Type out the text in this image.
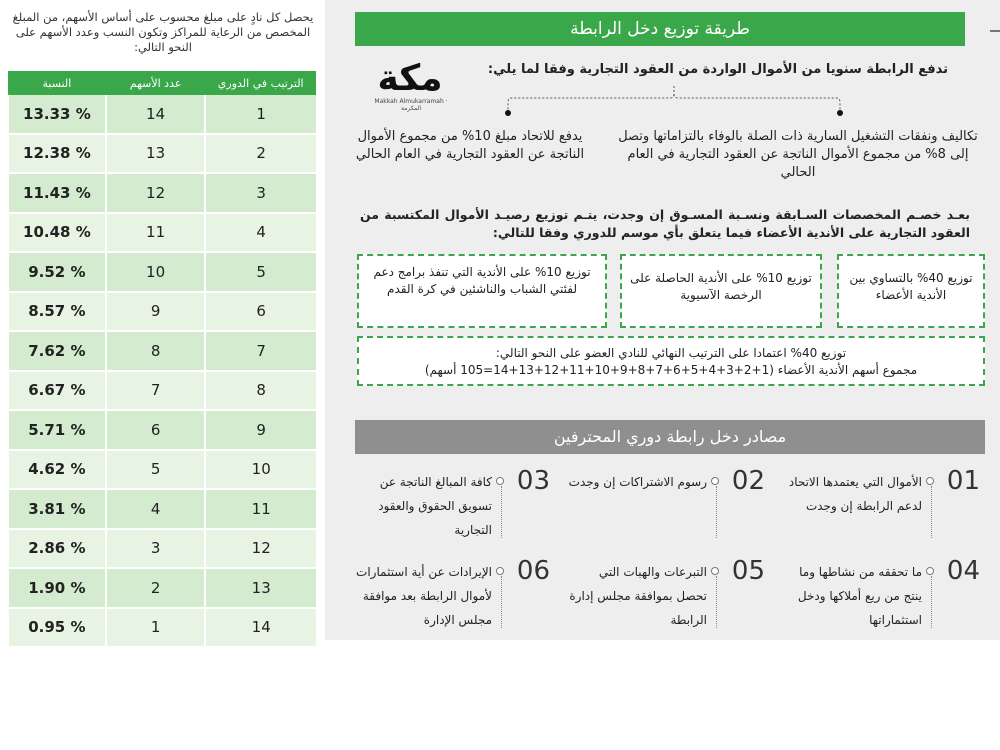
يحصل كل نادٍ على مبلغ محسوب على أساس الأسهم، من المبلغ المخصص من الرعاية للمراكز وتكون النسب وعدد الأسهم على النحو التالي:
الترتيب في الدوري	عدد الأسهم	النسبة
1	14	% 13.33
2	13	% 12.38
3	12	% 11.43
4	11	% 10.48
5	10	% 9.52
6	9	% 8.57
7	8	% 7.62
8	7	% 6.67
9	6	% 5.71
10	5	% 4.62
11	4	% 3.81
12	3	% 2.86
13	2	% 1.90
14	1	% 0.95
طريقة توزيع دخل الرابطة
مكة
Makkah Almukarramah · المكرمة
تدفع الرابطة سنويا من الأموال الواردة من العقود التجارية وفقا لما يلي:
تكاليف ونفقات التشغيل السارية ذات الصلة بالوفاء بالتزاماتها وتصل إلى 8% من مجموع الأموال الناتجة عن العقود التجارية في العام الحالي
يدفع للاتحاد مبلغ 10% من مجموع الأموال الناتجة عن العقود التجارية في العام الحالي
بعـد خصـم المخصصات السـابقة ونسـبة المسـوق إن وجدت، يتـم توزيع رصيـد الأموال المكتسبة من العقود التجارية على الأندية الأعضاء فيما يتعلق بأي موسم للدوري وفقا للتالي:
توزيع 40% بالتساوي بين الأندية الأعضاء
توزيع 10% على الأندية الحاصلة على الرخصة الآسيوية
توزيع 10% على الأندية التي تنفذ برامج دعم لفئتي الشباب والناشئين في كرة القدم
توزيع 40% اعتمادا على الترتيب النهائي للنادي العضو على النحو التالي:
مجموع أسهم الأندية الأعضاء (1+2+3+4+5+6+7+8+9+10+11+12+13+14=105 أسهم)
مصادر دخل رابطة دوري المحترفين
01
الأموال التي يعتمدها الاتحاد لدعم الرابطة إن وجدت
02
رسوم الاشتراكات إن وجدت
03
كافة المبالغ الناتجة عن تسويق الحقوق والعقود التجارية
04
ما تحققه من نشاطها وما ينتج من ريع أملاكها ودخل استثماراتها
05
التبرعات والهبات التي تحصل بموافقة مجلس إدارة الرابطة
06
الإيرادات عن أية استثمارات لأموال الرابطة بعد موافقة مجلس الإدارة
